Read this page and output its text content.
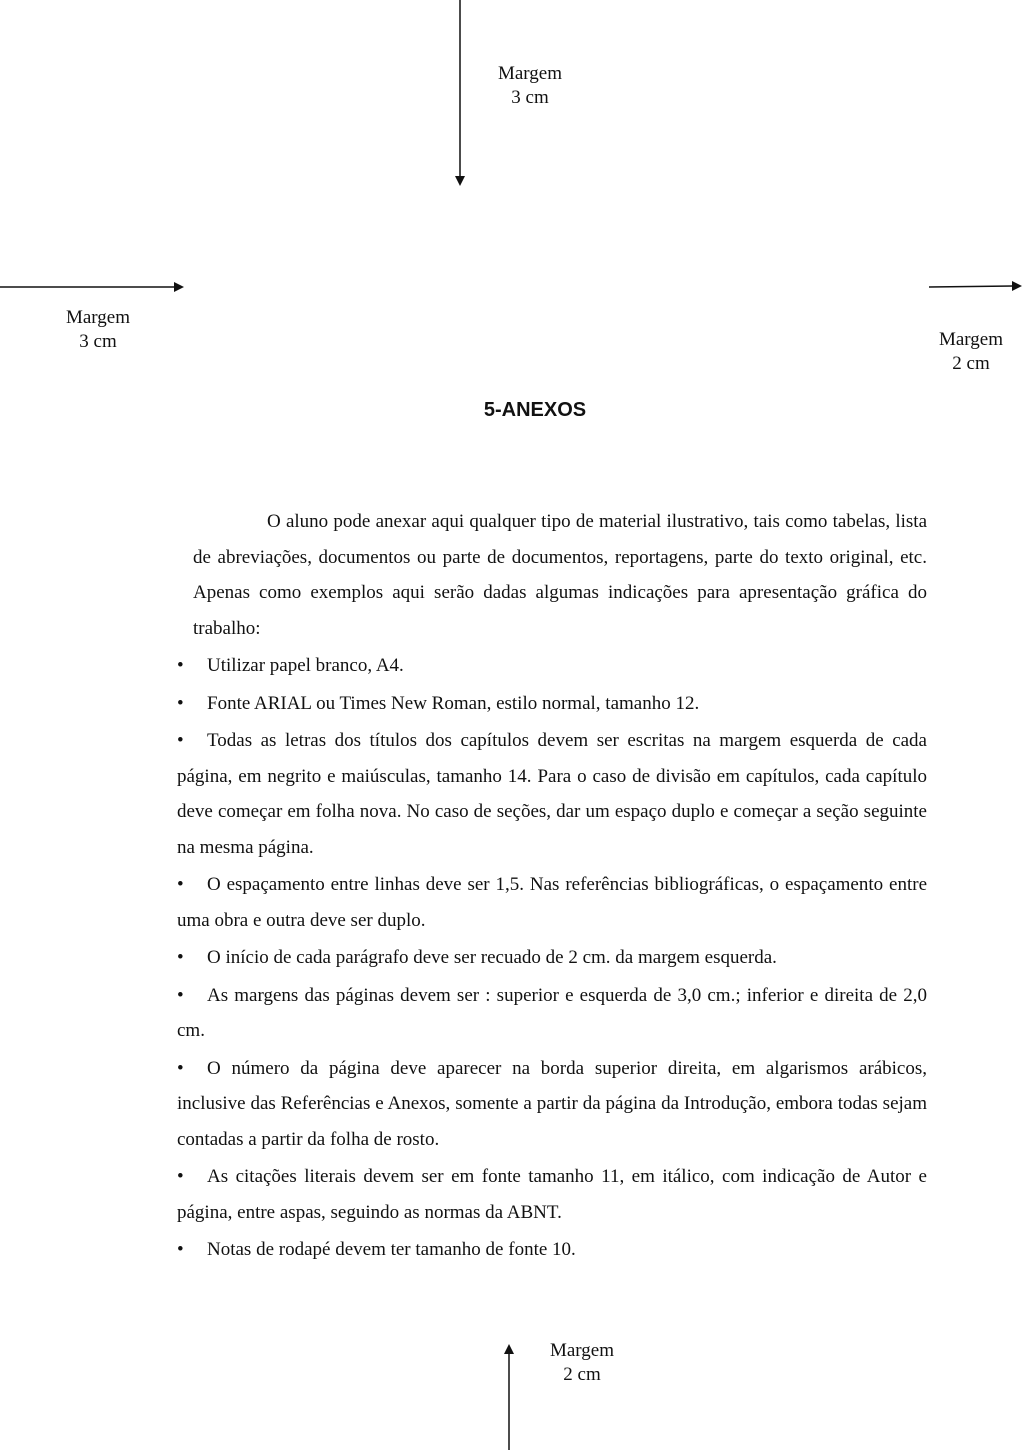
Margem
3 cm
Margem
3 cm	Margem
2 cm
Margem
2 cm
5-ANEXOS

O aluno pode anexar aqui qualquer tipo de material ilustrativo, tais como tabelas, lista de abreviações, documentos ou parte de documentos, reportagens, parte do texto original, etc. Apenas como exemplos aqui serão dadas algumas indicações para apresentação gráfica do trabalho:

• Utilizar papel branco, A4.
• Fonte ARIAL ou Times New Roman, estilo normal, tamanho 12.
• Todas as letras dos títulos dos capítulos devem ser escritas na margem esquerda de cada página, em negrito e maiúsculas, tamanho 14. Para o caso de divisão em capítulos, cada capítulo deve começar em folha nova. No caso de seções, dar um espaço duplo e começar a seção seguinte na mesma página.
• O espaçamento entre linhas deve ser 1,5. Nas referências bibliográficas, o espaçamento entre uma obra e outra deve ser duplo.
• O início de cada parágrafo deve ser recuado de 2 cm. da margem esquerda.
• As margens das páginas devem ser : superior e esquerda de 3,0 cm.; inferior e direita de 2,0 cm.
• O número da página deve aparecer na borda superior direita, em algarismos arábicos, inclusive das Referências e Anexos, somente a partir da página da Introdução, embora todas sejam contadas a partir da folha de rosto.
• As citações literais devem ser em fonte tamanho 11, em itálico, com indicação de Autor e página, entre aspas, seguindo as normas da ABNT.
• Notas de rodapé devem ter tamanho de fonte 10.
